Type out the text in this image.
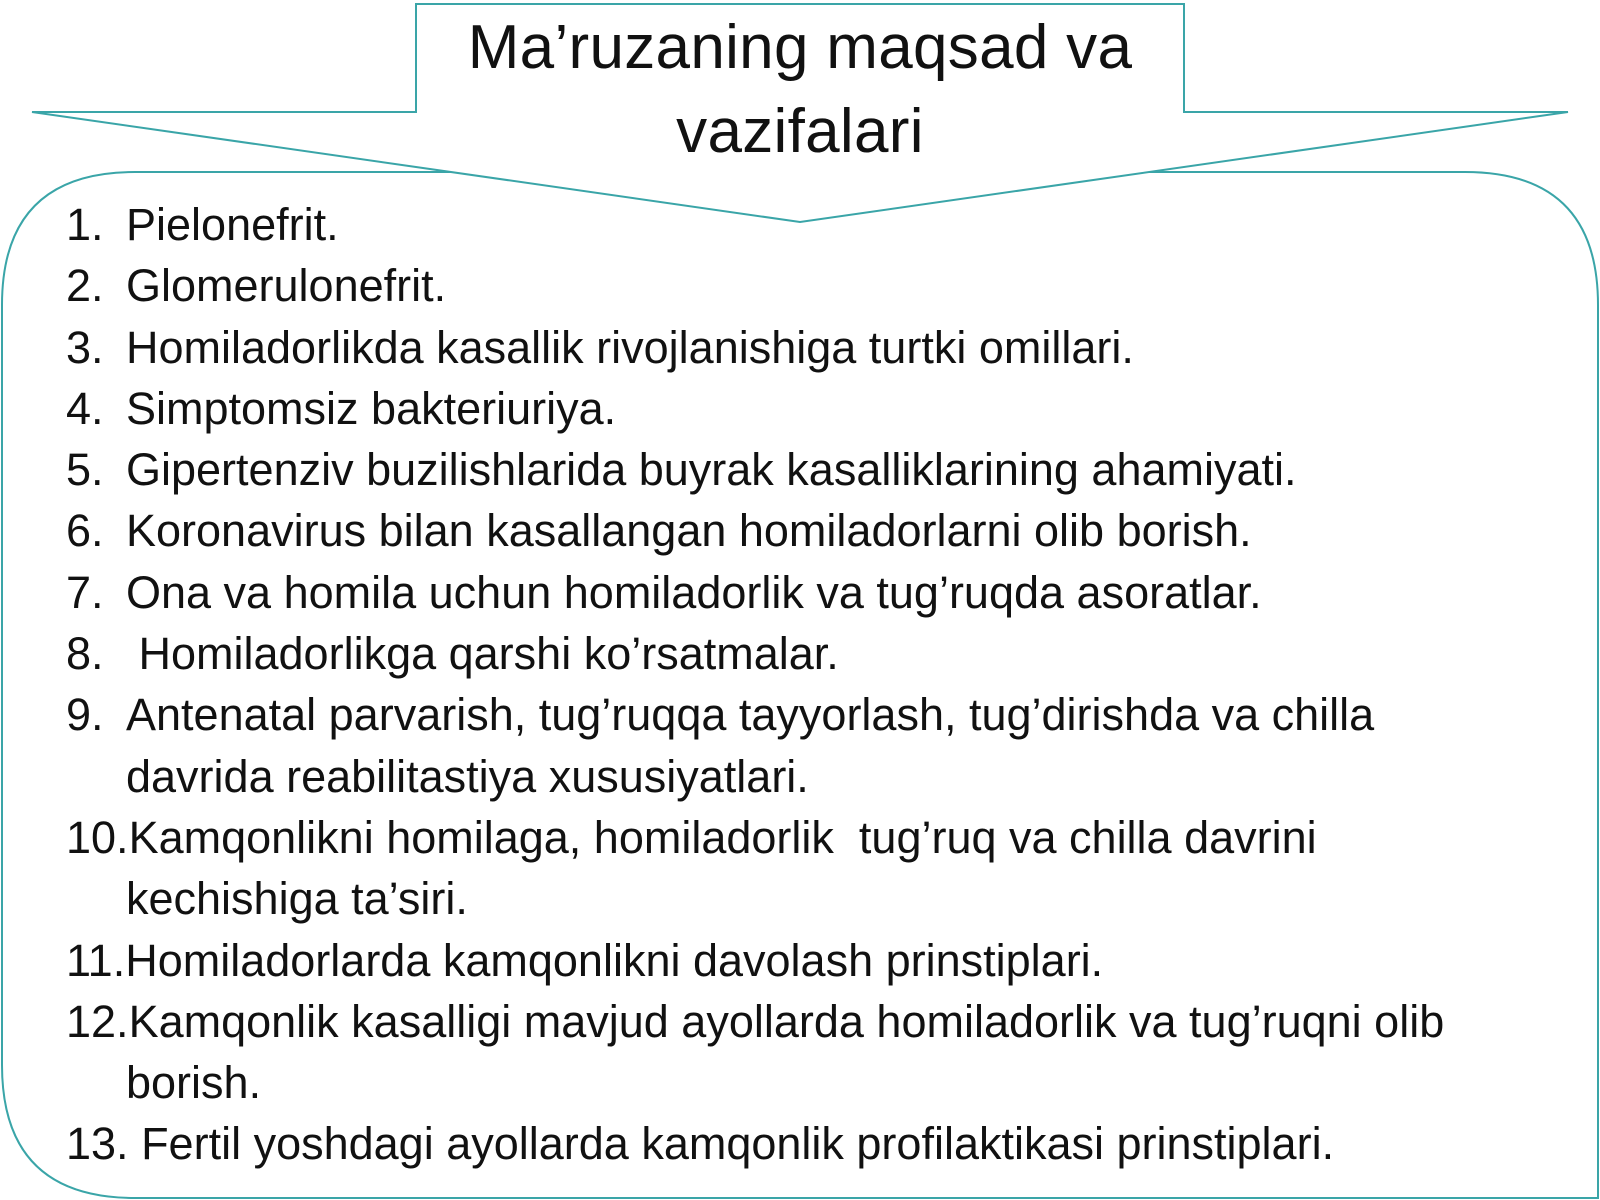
Ma’ruzaning maqsad va
vazifalari
1. Pielonefrit.
2. Glomerulonefrit.
3. Homiladorlikda kasallik rivojlanishiga turtki omillari.
4. Simptomsiz bakteriuriya.
5. Gipertenziv buzilishlarida buyrak kasalliklarining ahamiyati.
6. Koronavirus bilan kasallangan homiladorlarni olib borish.
7. Ona va homila uchun homiladorlik va tug’ruqda asoratlar.
8. Homiladorlikga qarshi ko’rsatmalar.
9. Antenatal parvarish, tug’ruqqa tayyorlash, tug’dirishda va chilla
davrida reabilitastiya xususiyatlari.
10.Kamqonlikni homilaga, homiladorlik  tug’ruq va chilla davrini
kechishiga ta’siri.
11.Homiladorlarda kamqonlikni davolash prinstiplari.
12.Kamqonlik kasalligi mavjud ayollarda homiladorlik va tug’ruqni olib
borish.
13. Fertil yoshdagi ayollarda kamqonlik profilaktikasi prinstiplari.
